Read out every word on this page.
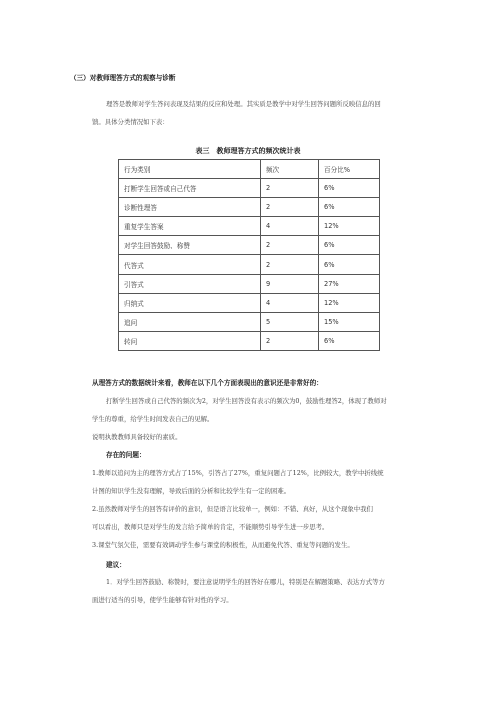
（三）对教师理答方式的观察与诊断
理答是教师对学生答问表现及结果的反应和处理。其实质是教学中对学生回答问题所反映信息的回
馈。具体分类情况如下表：
表三　教师理答方式的频次统计表
行为类别	频次	百分比%
打断学生回答或自己代答	2	6%
诊断性理答	2	6%
重复学生答案	4	12%
对学生回答鼓励、称赞	2	6%
代答式	2	6%
引答式	9	27%
归纳式	4	12%
追问	5	15%
转问	2	6%
从理答方式的数据统计来看，教师在以下几个方面表现出的意识还是非常好的：
打断学生回答或自己代答的频次为2，对学生回答没有表示的频次为0，鼓励性理答2，体现了教师对
学生的尊重，给学生时间发表自己的见解。
说明执教教师具备较好的素质。
存在的问题：
1.教师以追问为主的理答方式占了15%，引答占了27%，重复问题占了12%，比例较大，教学中折线统
计图的知识学生没有理解，导致后面的分析和比较学生有一定的困难。
2.虽然教师对学生的回答有评价的意识，但是语言比较单一，例如：不错、真好，从这个现象中我们
可以看出，教师只是对学生的发言给予简单的肯定，不能顺势引导学生进一步思考。
3.课堂气氛欠佳，需要有效调动学生参与课堂的积极性，从而避免代答、重复等问题的发生。
建议：
1．对学生回答鼓励、称赞时，要注意说明学生的回答好在哪儿，特别是在解题策略、表达方式等方
面进行适当的引导，使学生能够有针对性的学习。
